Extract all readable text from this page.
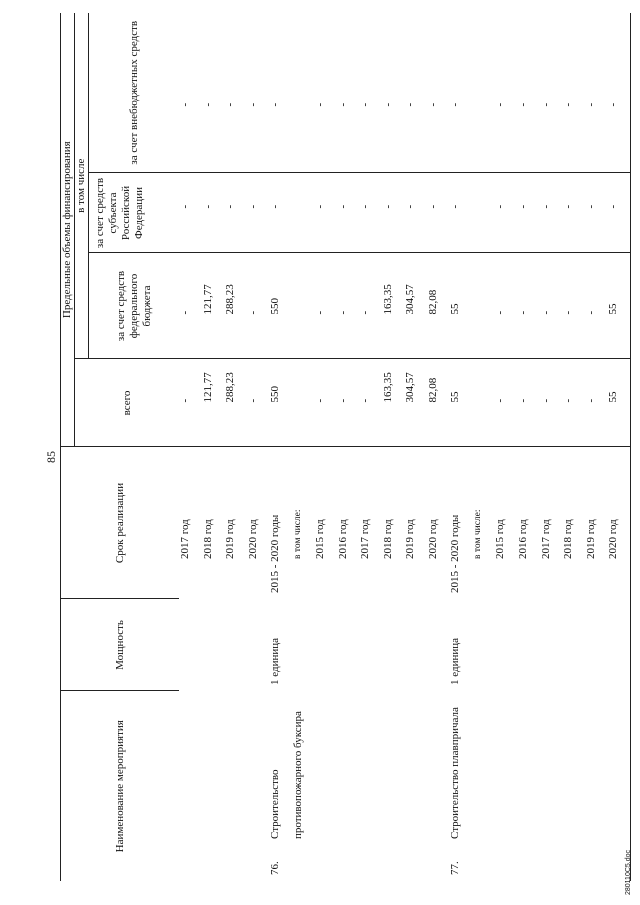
85
280110С5.doc
Наименование мероприятия	Мощность	Срок реализации	Предельные объемы финансирования			
			всего	в том числе		
				за счет средств федерального бюджета	за счет средств субъекта Российской Федерации	за счет внебюджетных средств

		2017 год	-	-	-	-
		2018 год	121,77	121,77	-	-
		2019 год	288,23	288,23	-	-
		2020 год	-	-	-	-
76.Строительство	1 единица	2015 - 2020 годы	550	550	-	-
противопожарного буксира		в том числе:				
		2015 год	-	-	-	-
		2016 год	-	-	-	-
		2017 год	-	-	-	-
		2018 год	163,35	163,35	-	-
		2019 год	304,57	304,57	-	-
		2020 год	82,08	82,08	-	-
77.Строительство плавпричала	1 единица	2015 - 2020 годы	55	55	-	-
		в том числе:				
		2015 год	-	-	-	-
		2016 год	-	-	-	-
		2017 год	-	-	-	-
		2018 год	-	-	-	-
		2019 год	-	-	-	-
		2020 год	55	55	-	-
